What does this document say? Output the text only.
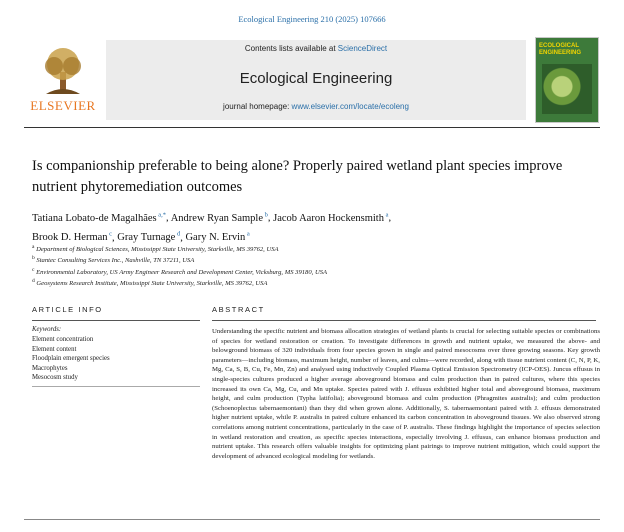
Ecological Engineering 210 (2025) 107666
ELSEVIER
Contents lists available at ScienceDirect
Ecological Engineering
journal homepage: www.elsevier.com/locate/ecoleng
ECOLOGICAL ENGINEERING
Is companionship preferable to being alone? Properly paired wetland plant species improve nutrient phytoremediation outcomes
Tatiana Lobato-de Magalhães $^{a,*}$, Andrew Ryan Sample $^b$, Jacob Aaron Hockensmith $^a$,
Brook D. Herman $^c$, Gray Turnage $^d$, Gary N. Ervin $^a$
$^a$ Department of Biological Sciences, Mississippi State University, Starkville, MS 39762, USA
$^b$ Stantec Consulting Services Inc., Nashville, TN 37211, USA
$^c$ Environmental Laboratory, US Army Engineer Research and Development Center, Vicksburg, MS 39180, USA
$^d$ Geosystems Research Institute, Mississippi State University, Starkville, MS 39762, USA
ARTICLE INFO	ABSTRACT
Keywords:
Element concentration
Element content
Floodplain emergent species
Macrophytes
Mesocosm study
Understanding the specific nutrient and biomass allocation strategies of wetland plants is crucial for selecting suitable species or combinations of species for wetland restoration or creation. To investigate differences in growth and nutrient uptake, we measured the above- and belowground biomass of 320 individuals from four species grown in single and paired mesocosms over three growing seasons. Key growth parameters—including biomass, maximum height, number of leaves, and culms—were recorded, along with tissue nutrient content (C, N, P, K, Mg, Ca, S, B, Cu, Fe, Mn, Zn) and analysed using inductively Coupled Plasma Optical Emission Spectrometry (ICP-OES). Juncus effusus in single-species cultures produced a higher average aboveground biomass and culm production than in paired cultures, where this species increased its own Ca, Mg, Cu, and Mn uptake. Species paired with J. effusus exhibited higher total and aboveground biomass, maximum height, and culm production (Typha latifolia); aboveground biomass and culm production (Phragmites australis); and culm production (Schoenoplectus tabernaemontani) than they did when grown alone. Additionally, S. tabernaemontani paired with J. effusus demonstrated higher nutrient uptake, while P. australis in paired culture enhanced its carbon concentration in aboveground tissues. We also observed strong correlations among nutrient concentrations, particularly in the case of P. australis. These findings highlight the importance of species selection in wetland restoration and creation, as specific species interactions, especially involving J. effusus, can enhance biomass production and nutrient uptake. This research offers valuable insights for optimizing plant pairings to improve nutrient mitigation, which could support the development of advanced ecological modeling for wetlands.
